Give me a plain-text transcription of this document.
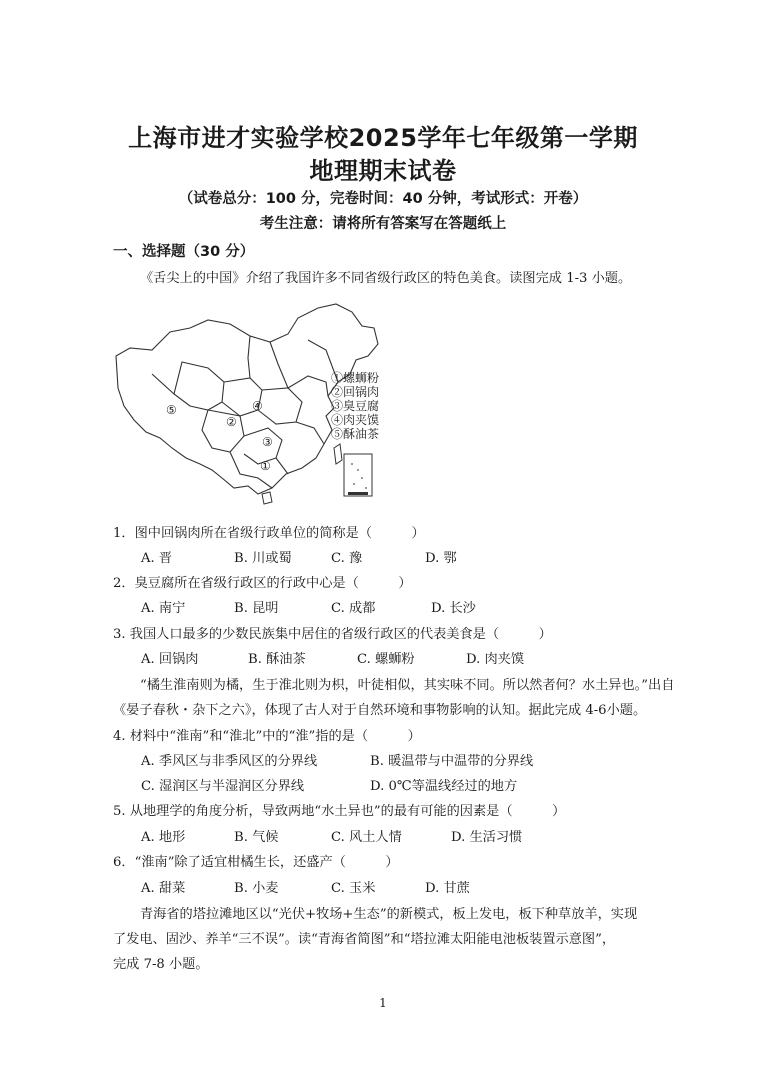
上海市进才实验学校2025学年七年级第一学期
地理期末试卷
（试卷总分：100 分，完卷时间：40 分钟，考试形式：开卷）
考生注意：请将所有答案写在答题纸上
一、选择题（30 分）
《舌尖上的中国》介绍了我国许多不同省级行政区的特色美食。读图完成 1-3 小题。
①
②
③
④
⑤
①螺蛳粉
②回锅肉
③臭豆腐
④肉夹馍
⑤酥油茶
1．图中回锅肉所在省级行政单位的简称是（　　　）
A. 晋	B. 川或蜀	C. 豫	D. 鄂
2．臭豆腐所在省级行政区的行政中心是（　　　）
A. 南宁	B. 昆明	C. 成都	D. 长沙
3. 我国人口最多的少数民族集中居住的省级行政区的代表美食是（　　　）
A. 回锅肉	B. 酥油茶	C. 螺蛳粉	D. 肉夹馍
“橘生淮南则为橘，生于淮北则为枳，叶徒相似，其实味不同。所以然者何？水土异也。”出自
《晏子春秋・杂下之六》，体现了古人对于自然环境和事物影响的认知。据此完成 4-6小题。
4. 材料中“淮南”和“淮北”中的“淮”指的是（　　　）
A. 季风区与非季风区的分界线	B. 暖温带与中温带的分界线
C. 湿润区与半湿润区分界线	D. 0℃等温线经过的地方
5. 从地理学的角度分析，导致两地“水土异也”的最有可能的因素是（　　　）
A. 地形	B. 气候	C. 风土人情	D. 生活习惯
6．“淮南”除了适宜柑橘生长，还盛产（　　　）
A. 甜菜	B. 小麦	C. 玉米	D. 甘蔗
青海省的塔拉滩地区以“光伏+牧场+生态”的新模式，板上发电，板下种草放羊，实现
了发电、固沙、养羊“三不误”。读“青海省简图”和“塔拉滩太阳能电池板装置示意图”，
完成 7-8 小题。
1
